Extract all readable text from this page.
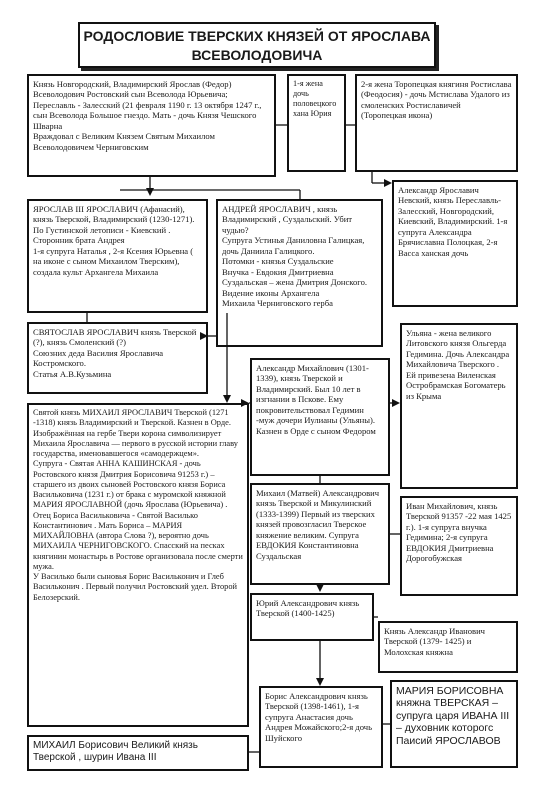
РОДОСЛОВИЕ ТВЕРСКИХ КНЯЗЕЙ ОТ ЯРОСЛАВА ВСЕВОЛОДОВИЧА
Князь Новгородский, Владимирский Ярослав (Федор) Всеволодович Ростовский сын Всеволода Юрьевича; Переславль - Залесский (21 февраля 1190 г. 13 октября 1247 г., сын Всеволода Большое гнездо. Мать - дочь Князя Чешского Шварна
Враждовал с Великим Князем Святым Михаилом Всеволодовичем Черниговским
1-я жена дочь половецкого хана Юрия
2-я жена Торопецкая княгиня Ростислава (Феодосия) - дочь Мстислава Удалого из смоленских Ростиславичей
(Торопецкая икона)
ЯРОСЛАВ III ЯРОСЛАВИЧ (Афанасий), князь Тверской, Владимирский (1230-1271). По Густинской летописи - Киевский . Сторонник брата Андрея
1-я супруга Наталья , 2-я Ксения Юрьевна ( на иконе с сыном Михаилом Тверским), создала культ Архангела Михаила
АНДРЕЙ ЯРОСЛАВИЧ , князь Владимирский , Суздальский. Убит чудью?
Супруга Устинья Даниловна Галицкая, дочь Даниила Галицкого.
Потомки - князья Суздальские
Внучка - Евдокия Дмитриевна Суздальская – жена Дмитрия Донского. Видение иконы Архангела
Михаила Черниговского герба
Александр Ярославич Невский, князь Переславль-Залесский, Новгородский, Киевский, Владимирский. 1-я супруга Александра Брячиславна Полоцкая, 2-я Васса ханская дочь
СВЯТОСЛАВ ЯРОСЛАВИЧ князь Тверской (?), князь Смоленский (?)
Союзних деда Василия Ярославича Костромского.
Статья А.В.Кузьмина
Святой князь МИХАИЛ ЯРОСЛАВИЧ Тверской (1271 -1318) князь Владимирский и Тверской. Казнен в Орде.
Изображённая на гербе Твери корона символизирует Михаила Ярославича — первого в русской истории главу государства, именовавшегося «самодержцем».
Супруга - Святая АННА КАШИНСКАЯ - дочь Ростовского князя Дмитрия Борисовича 91253 г.) – старшего из двоих сыновей Ростовского князя Бориса Васильковича (1231 г.) от брака с муромской княжной МАРИЯ ЯРОСЛАВНОЙ (дочь Ярослава (Юрьевича) . Отец Бориса Васильковича - Святой Василько Константинович . Мать Бориса – МАРИЯ МИХАЙЛОВНА (автора Слова ?), вероятно дочь МИХАИЛА ЧЕРНИГОВСКОГО. Спасский на песках княгинин монастырь в Ростове организовала после смерти мужа.
У Василько были сыновья Борис Васильконич и Глеб Васильконич . Первый получил Ростовский удел. Второй Белозерский.
Александр Михайлович (1301-1339), князь Тверской и Владимирский. Был 10 лет в изгнании в Пскове. Ему покровительствовал Гедимин -муж дочери Иулианы (Ульяны). Казнен в Орде с сыном Федором
Ульяна - жена великого Литовского князя Ольгерда Гедимина. Дочь Александра Михайловича Тверского .
Ей привезена Виленская Остробрамская Богоматерь из Крыма
Михаил (Матвей) Александрович князь Тверской и Микулинский (1333-1399) Первый из тверских князей провозгласил Тверское княжение великим. Супруга ЕВДОКИЯ Константиновна Суздальская
Иван Михайлович, князь Тверской 91357 -22 мая 1425 г.). 1-я супруга внучка Гедимина; 2-я супруга ЕВДОКИЯ Дмитриевна Дорогобужская
Юрий Александрович князь Тверской (1400-1425)
Князь Александр Иванович Тверской (1379- 1425) и Молохская княжна
Борис Александрович князь Тверской (1398-1461), 1-я супруга Анастасия дочь Андрея Можайского;2-я дочь Шуйского
МАРИЯ БОРИСОВНА княжна ТВЕРСКАЯ – супруга царя ИВАНА III – духовник которогс Паисий ЯРОСЛАВОВ
МИХАИЛ Борисович Великий князь Тверской , шурин Ивана III
